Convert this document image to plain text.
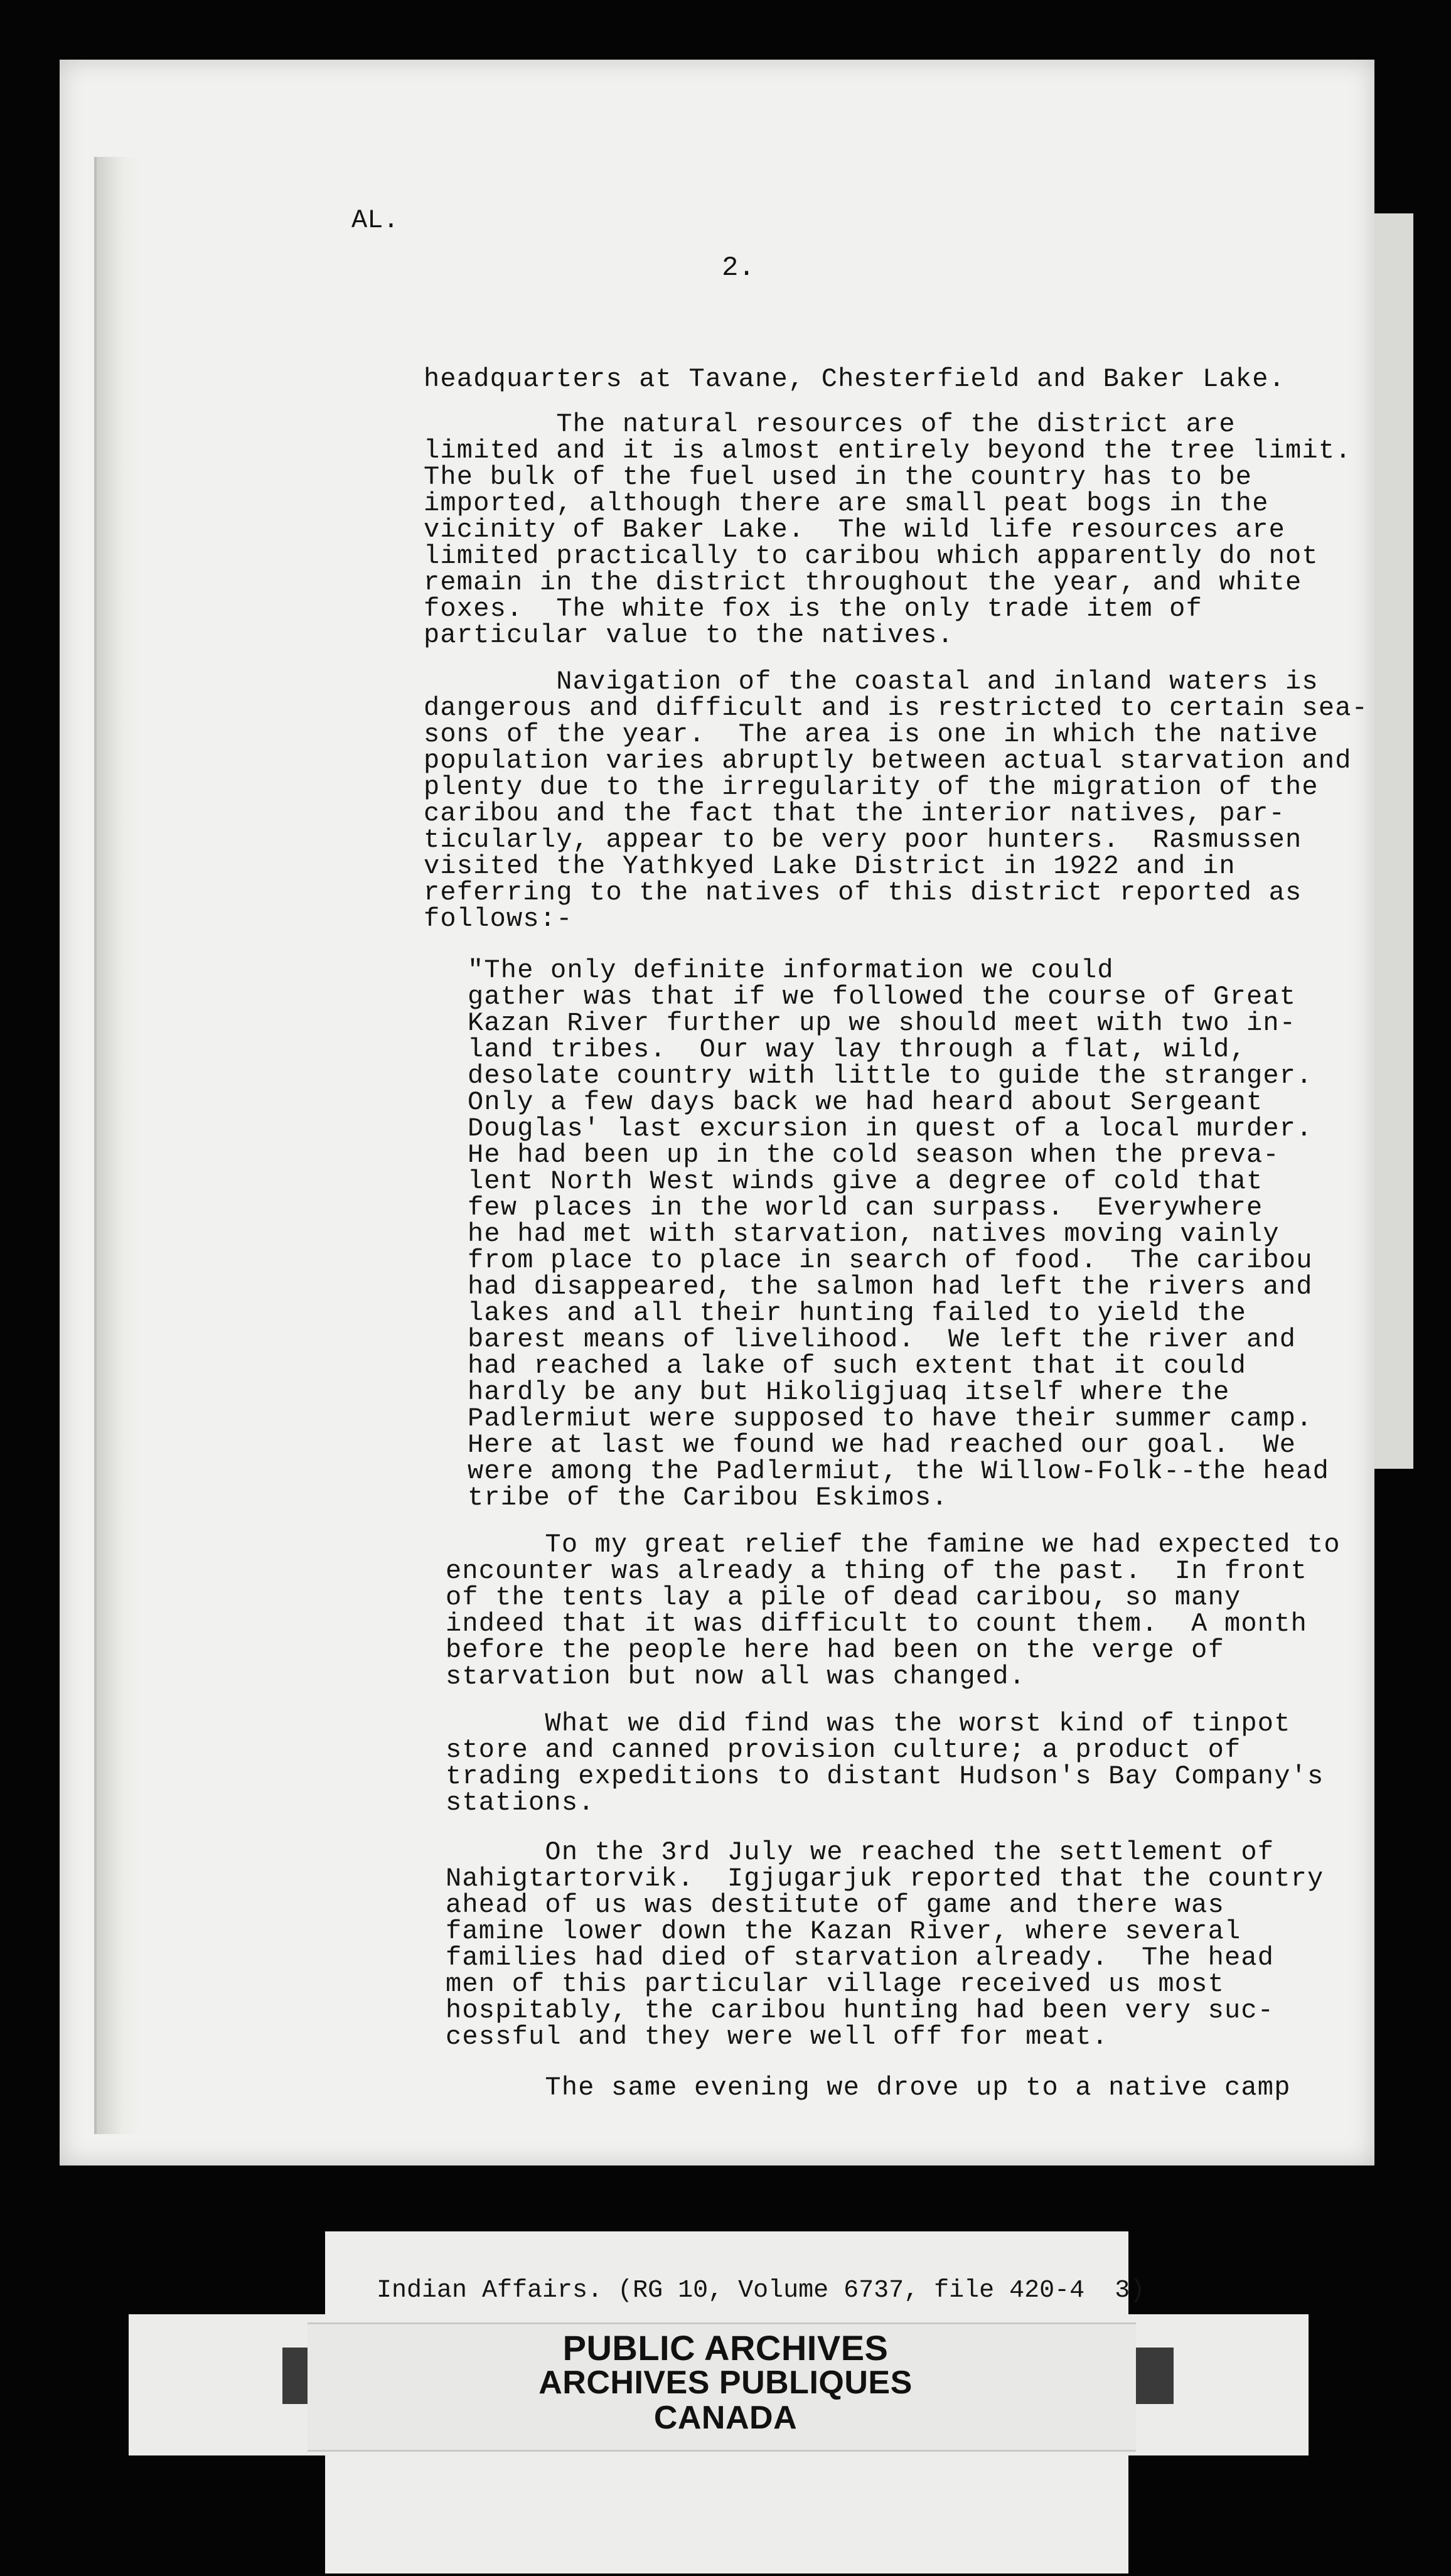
AL.
2.
headquarters at Tavane, Chesterfield and Baker Lake.
The natural resources of the district are
limited and it is almost entirely beyond the tree limit.
The bulk of the fuel used in the country has to be
imported, although there are small peat bogs in the
vicinity of Baker Lake.  The wild life resources are
limited practically to caribou which apparently do not
remain in the district throughout the year, and white
foxes.  The white fox is the only trade item of
particular value to the natives.
Navigation of the coastal and inland waters is
dangerous and difficult and is restricted to certain sea-
sons of the year.  The area is one in which the native
population varies abruptly between actual starvation and
plenty due to the irregularity of the migration of the
caribou and the fact that the interior natives, par-
ticularly, appear to be very poor hunters.  Rasmussen
visited the Yathkyed Lake District in 1922 and in
referring to the natives of this district reported as
follows:-
"The only definite information we could
gather was that if we followed the course of Great
Kazan River further up we should meet with two in-
land tribes.  Our way lay through a flat, wild,
desolate country with little to guide the stranger.
Only a few days back we had heard about Sergeant
Douglas' last excursion in quest of a local murder.
He had been up in the cold season when the preva-
lent North West winds give a degree of cold that
few places in the world can surpass.  Everywhere
he had met with starvation, natives moving vainly
from place to place in search of food.  The caribou
had disappeared, the salmon had left the rivers and
lakes and all their hunting failed to yield the
barest means of livelihood.  We left the river and
had reached a lake of such extent that it could
hardly be any but Hikoligjuaq itself where the
Padlermiut were supposed to have their summer camp.
Here at last we found we had reached our goal.  We
were among the Padlermiut, the Willow-Folk--the head
tribe of the Caribou Eskimos.
To my great relief the famine we had expected to
encounter was already a thing of the past.  In front
of the tents lay a pile of dead caribou, so many
indeed that it was difficult to count them.  A month
before the people here had been on the verge of
starvation but now all was changed.
What we did find was the worst kind of tinpot
store and canned provision culture; a product of
trading expeditions to distant Hudson's Bay Company's
stations.
On the 3rd July we reached the settlement of
Nahigtartorvik.  Igjugarjuk reported that the country
ahead of us was destitute of game and there was
famine lower down the Kazan River, where several
families had died of starvation already.  The head
men of this particular village received us most
hospitably, the caribou hunting had been very suc-
cessful and they were well off for meat.
The same evening we drove up to a native camp
Indian Affairs. (RG 10, Volume 6737, file 420-4  3)
PUBLIC ARCHIVES
ARCHIVES PUBLIQUES
CANADA
